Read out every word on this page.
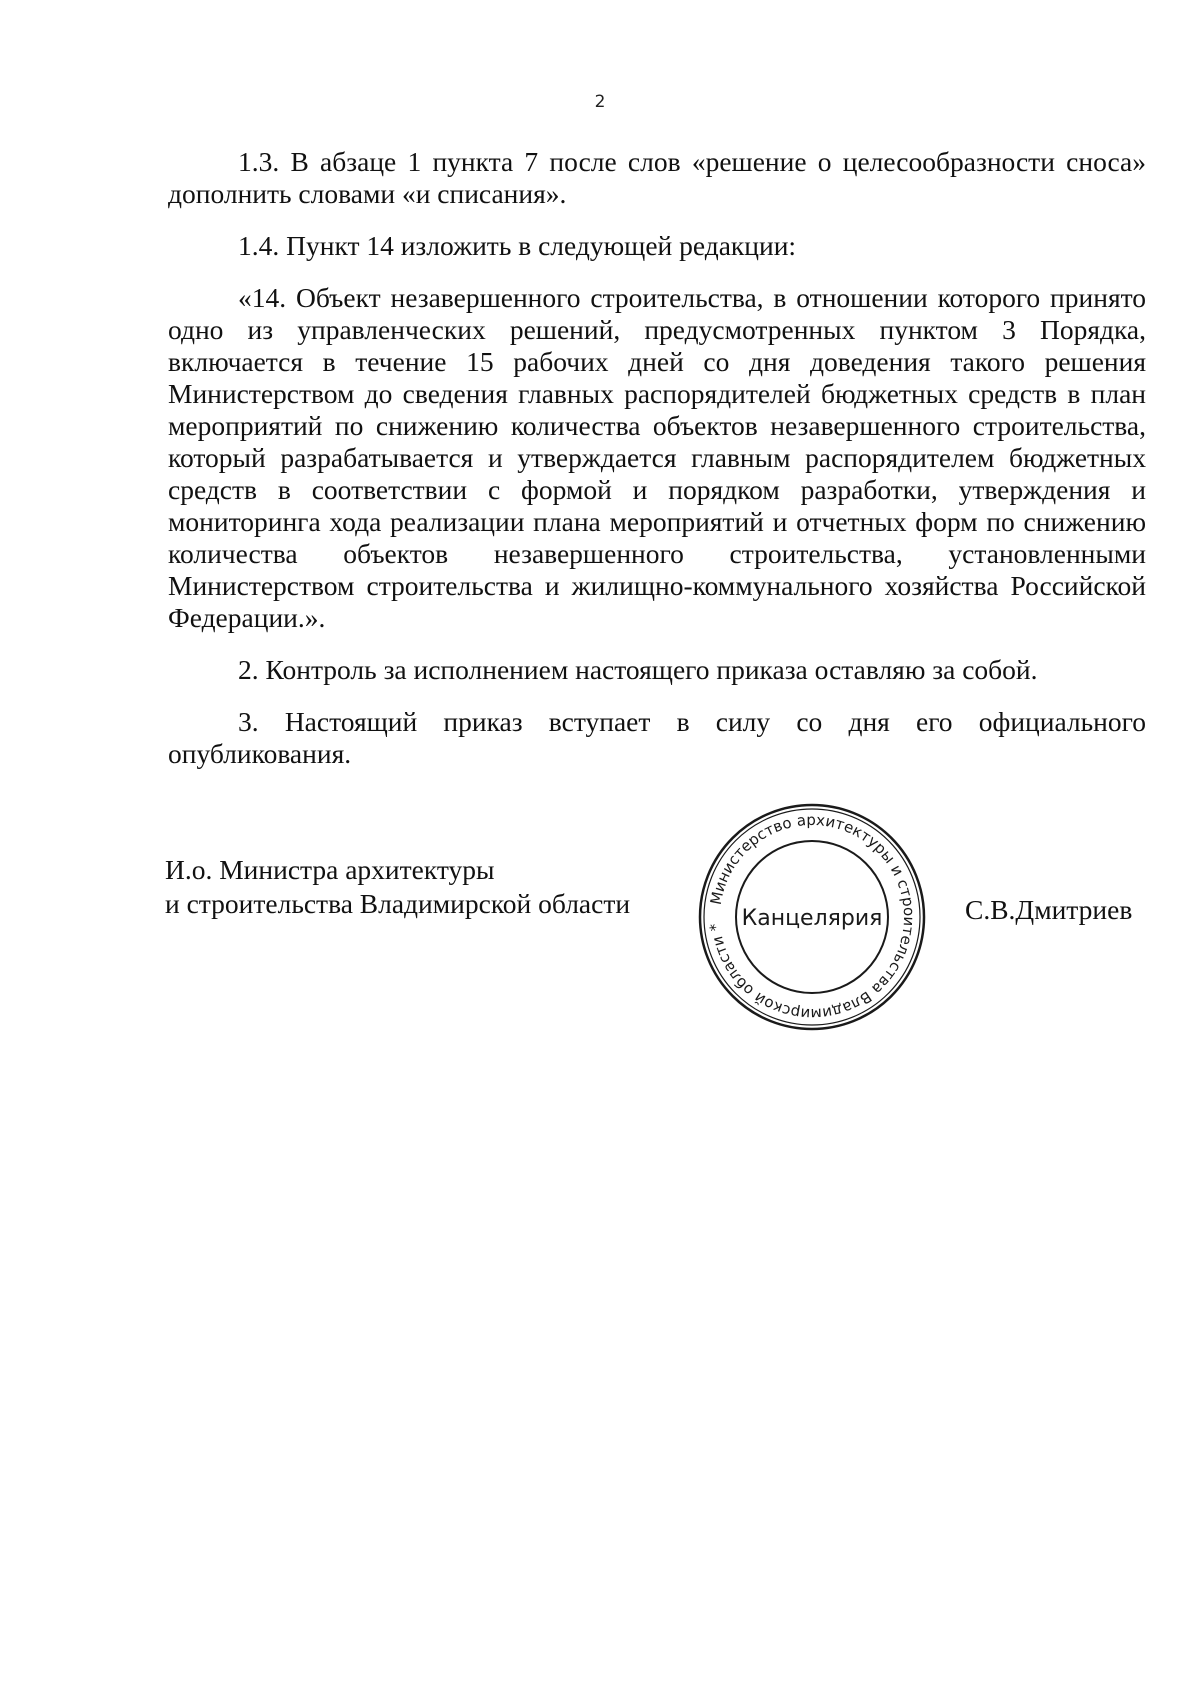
2

1.3. В абзаце 1 пункта 7 после слов «решение о целесообразности сноса» дополнить словами «и списания».

1.4. Пункт 14 изложить в следующей редакции:

«14. Объект незавершенного строительства, в отношении которого принято одно из управленческих решений, предусмотренных пунктом 3 Порядка, включается в течение 15 рабочих дней со дня доведения такого решения Министерством до сведения главных распорядителей бюджетных средств в план мероприятий по снижению количества объектов незавершенного строительства, который разрабатывается и утверждается главным распорядителем бюджетных средств в соответствии с формой и порядком разработки, утверждения и мониторинга хода реализации плана мероприятий и отчетных форм по снижению количества объектов незавершенного строительства, установленными Министерством строительства и жилищно-коммунального хозяйства Российской Федерации.».

2. Контроль за исполнением настоящего приказа оставляю за собой.

3. Настоящий приказ вступает в силу со дня его официального опубликования.

И.о. Министра архитектуры
и строительства Владимирской области	Министерство архитектуры и строительства Владимирской области * Канцелярия	С.В.Дмитриев
